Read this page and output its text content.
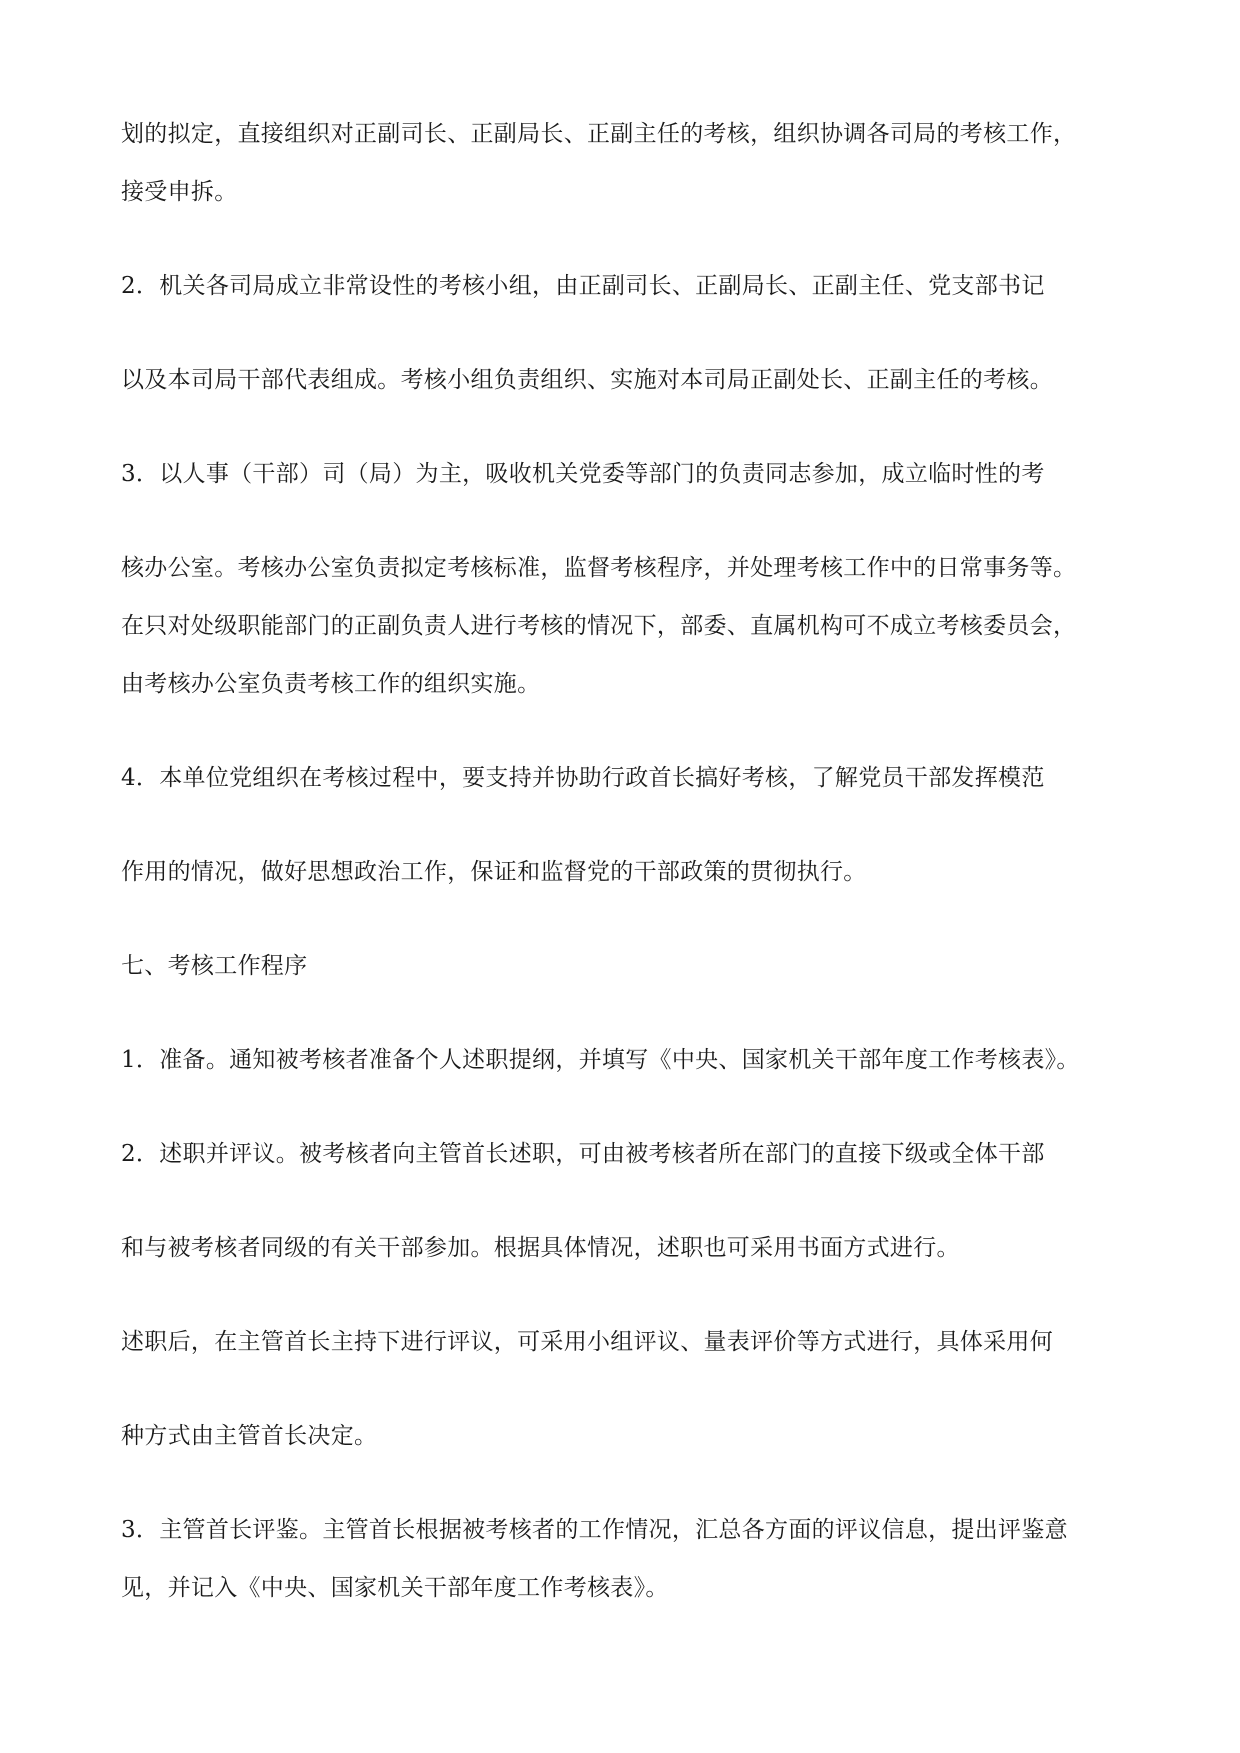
划的拟定，直接组织对正副司长、正副局长、正副主任的考核，组织协调各司局的考核工作，

接受申拆。

2．机关各司局成立非常设性的考核小组，由正副司长、正副局长、正副主任、党支部书记

以及本司局干部代表组成。考核小组负责组织、实施对本司局正副处长、正副主任的考核。

3．以人事（干部）司（局）为主，吸收机关党委等部门的负责同志参加，成立临时性的考

核办公室。考核办公室负责拟定考核标准，监督考核程序，并处理考核工作中的日常事务等。

在只对处级职能部门的正副负责人进行考核的情况下，部委、直属机构可不成立考核委员会，

由考核办公室负责考核工作的组织实施。

4．本单位党组织在考核过程中，要支持并协助行政首长搞好考核，了解党员干部发挥模范

作用的情况，做好思想政治工作，保证和监督党的干部政策的贯彻执行。

七、考核工作程序

1．准备。通知被考核者准备个人述职提纲，并填写《中央、国家机关干部年度工作考核表》。

2．述职并评议。被考核者向主管首长述职，可由被考核者所在部门的直接下级或全体干部

和与被考核者同级的有关干部参加。根据具体情况，述职也可采用书面方式进行。

述职后，在主管首长主持下进行评议，可采用小组评议、量表评价等方式进行，具体采用何

种方式由主管首长决定。

3．主管首长评鉴。主管首长根据被考核者的工作情况，汇总各方面的评议信息，提出评鉴意

见，并记入《中央、国家机关干部年度工作考核表》。
